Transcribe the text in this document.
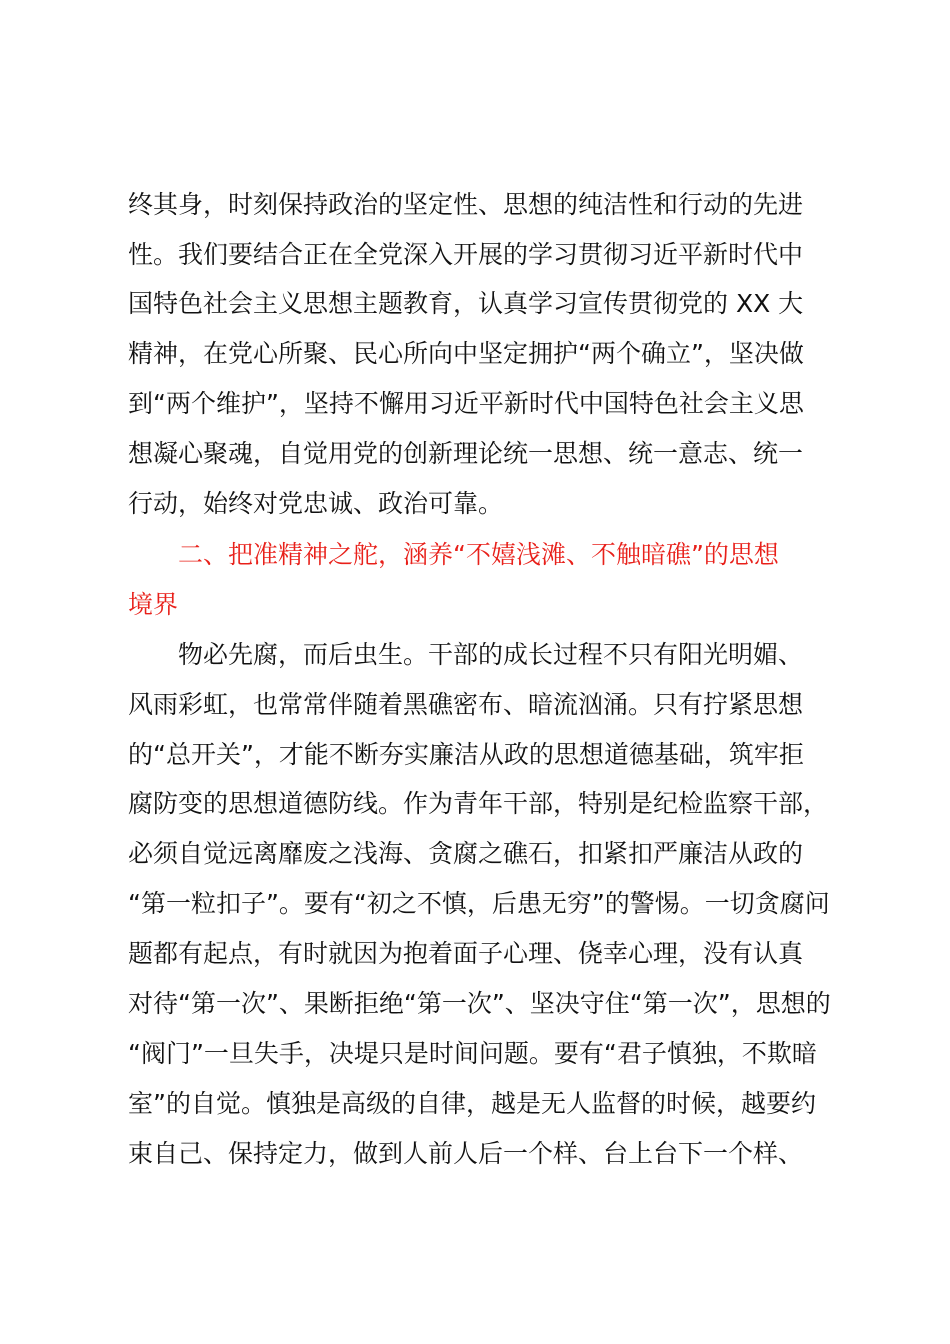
终其身，时刻保持政治的坚定性、思想的纯洁性和行动的先进
性。我们要结合正在全党深入开展的学习贯彻习近平新时代中
国特色社会主义思想主题教育，认真学习宣传贯彻党的 XX 大
精神，在党心所聚、民心所向中坚定拥护“两个确立”，坚决做
到“两个维护”，坚持不懈用习近平新时代中国特色社会主义思
想凝心聚魂，自觉用党的创新理论统一思想、统一意志、统一
行动，始终对党忠诚、政治可靠。
二、把准精神之舵，涵养“不嬉浅滩、不触暗礁”的思想
境界
物必先腐，而后虫生。干部的成长过程不只有阳光明媚、
风雨彩虹，也常常伴随着黑礁密布、暗流汹涌。只有拧紧思想
的“总开关”，才能不断夯实廉洁从政的思想道德基础，筑牢拒
腐防变的思想道德防线。作为青年干部，特别是纪检监察干部，
必须自觉远离靡废之浅海、贪腐之礁石，扣紧扣严廉洁从政的
“第一粒扣子”。要有“初之不慎，后患无穷”的警惕。一切贪腐问
题都有起点，有时就因为抱着面子心理、侥幸心理，没有认真
对待“第一次”、果断拒绝“第一次”、坚决守住“第一次”，思想的
“阀门”一旦失手，决堤只是时间问题。要有“君子慎独，不欺暗
室”的自觉。慎独是高级的自律，越是无人监督的时候，越要约
束自己、保持定力，做到人前人后一个样、台上台下一个样、
